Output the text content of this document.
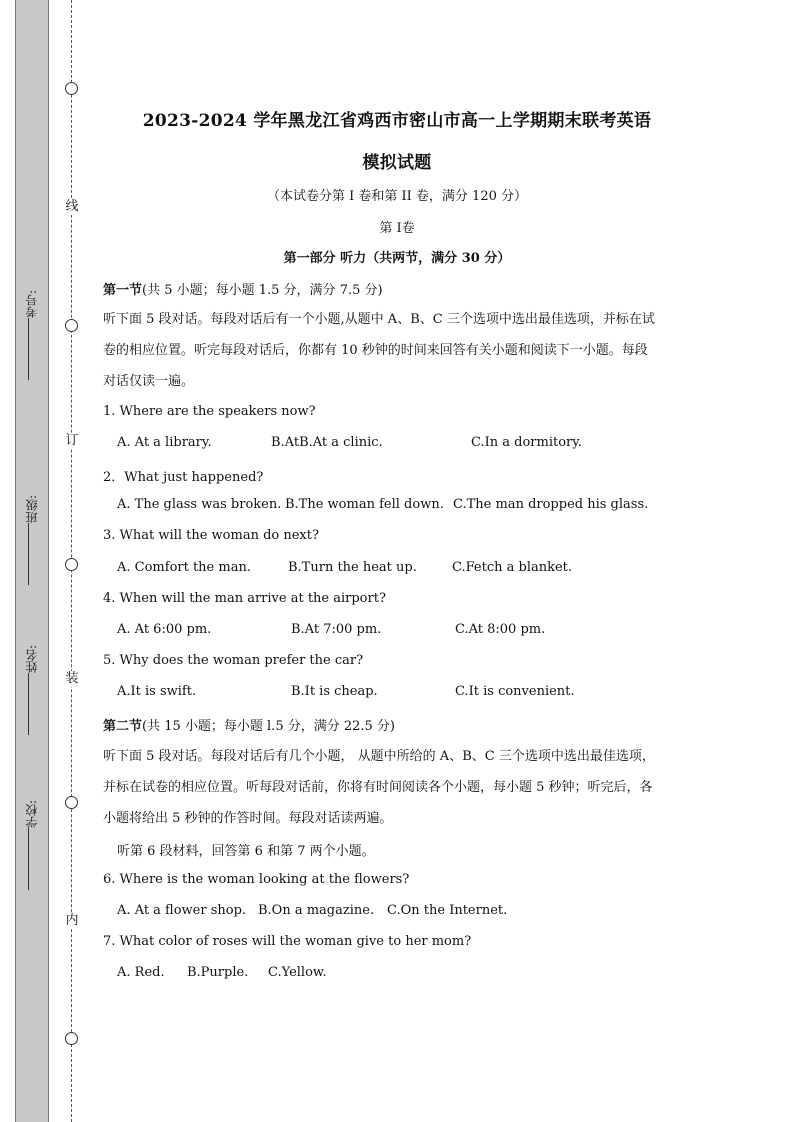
线
订
装
内
考号:
班级:
姓名:
学校:
2023-2024 学年黑龙江省鸡西市密山市高一上学期期末联考英语
模拟试题
（本试卷分第 I 卷和第 II 卷，满分 120 分）
第 I卷
第一部分 听力（共两节，满分 30 分）
第一节(共 5 小题；每小题 1.5 分，满分 7.5 分)
听下面 5 段对话。每段对话后有一个小题,从题中 A、B、C 三个选项中选出最佳选项，并标在试
卷的相应位置。听完每段对话后，你都有 10 秒钟的时间来回答有关小题和阅读下一小题。每段
对话仅读一遍。
1. Where are the speakers now?
A. At a library.	B.AtB.At a clinic.	C.In a dormitory.
2．What just happened?
A. The glass was broken. B.The woman fell down. C.The man dropped his glass.
3. What will the woman do next?
A. Comfort the man.	B.Turn the heat up.	C.Fetch a blanket.
4. When will the man arrive at the airport?
A. At 6:00 pm.	B.At 7:00 pm.	C.At 8:00 pm.
5. Why does the woman prefer the car?
A.It is swift.	B.It is cheap.	C.It is convenient.
第二节(共 15 小题；每小题 l.5 分，满分 22.5 分)
听下面 5 段对话。每段对话后有几个小题， 从题中所给的 A、B、C 三个选项中选出最佳选项，
并标在试卷的相应位置。听每段对话前，你将有时间阅读各个小题，每小题 5 秒钟；听完后，各
小题将给出 5 秒钟的作答时间。每段对话读两遍。
听第 6 段材料，回答第 6 和第 7 两个小题。
6. Where is the woman looking at the flowers?
A. At a flower shop. B.On a magazine. C.On the Internet.
7. What color of roses will the woman give to her mom?
A. Red. B.Purple. C.Yellow.
